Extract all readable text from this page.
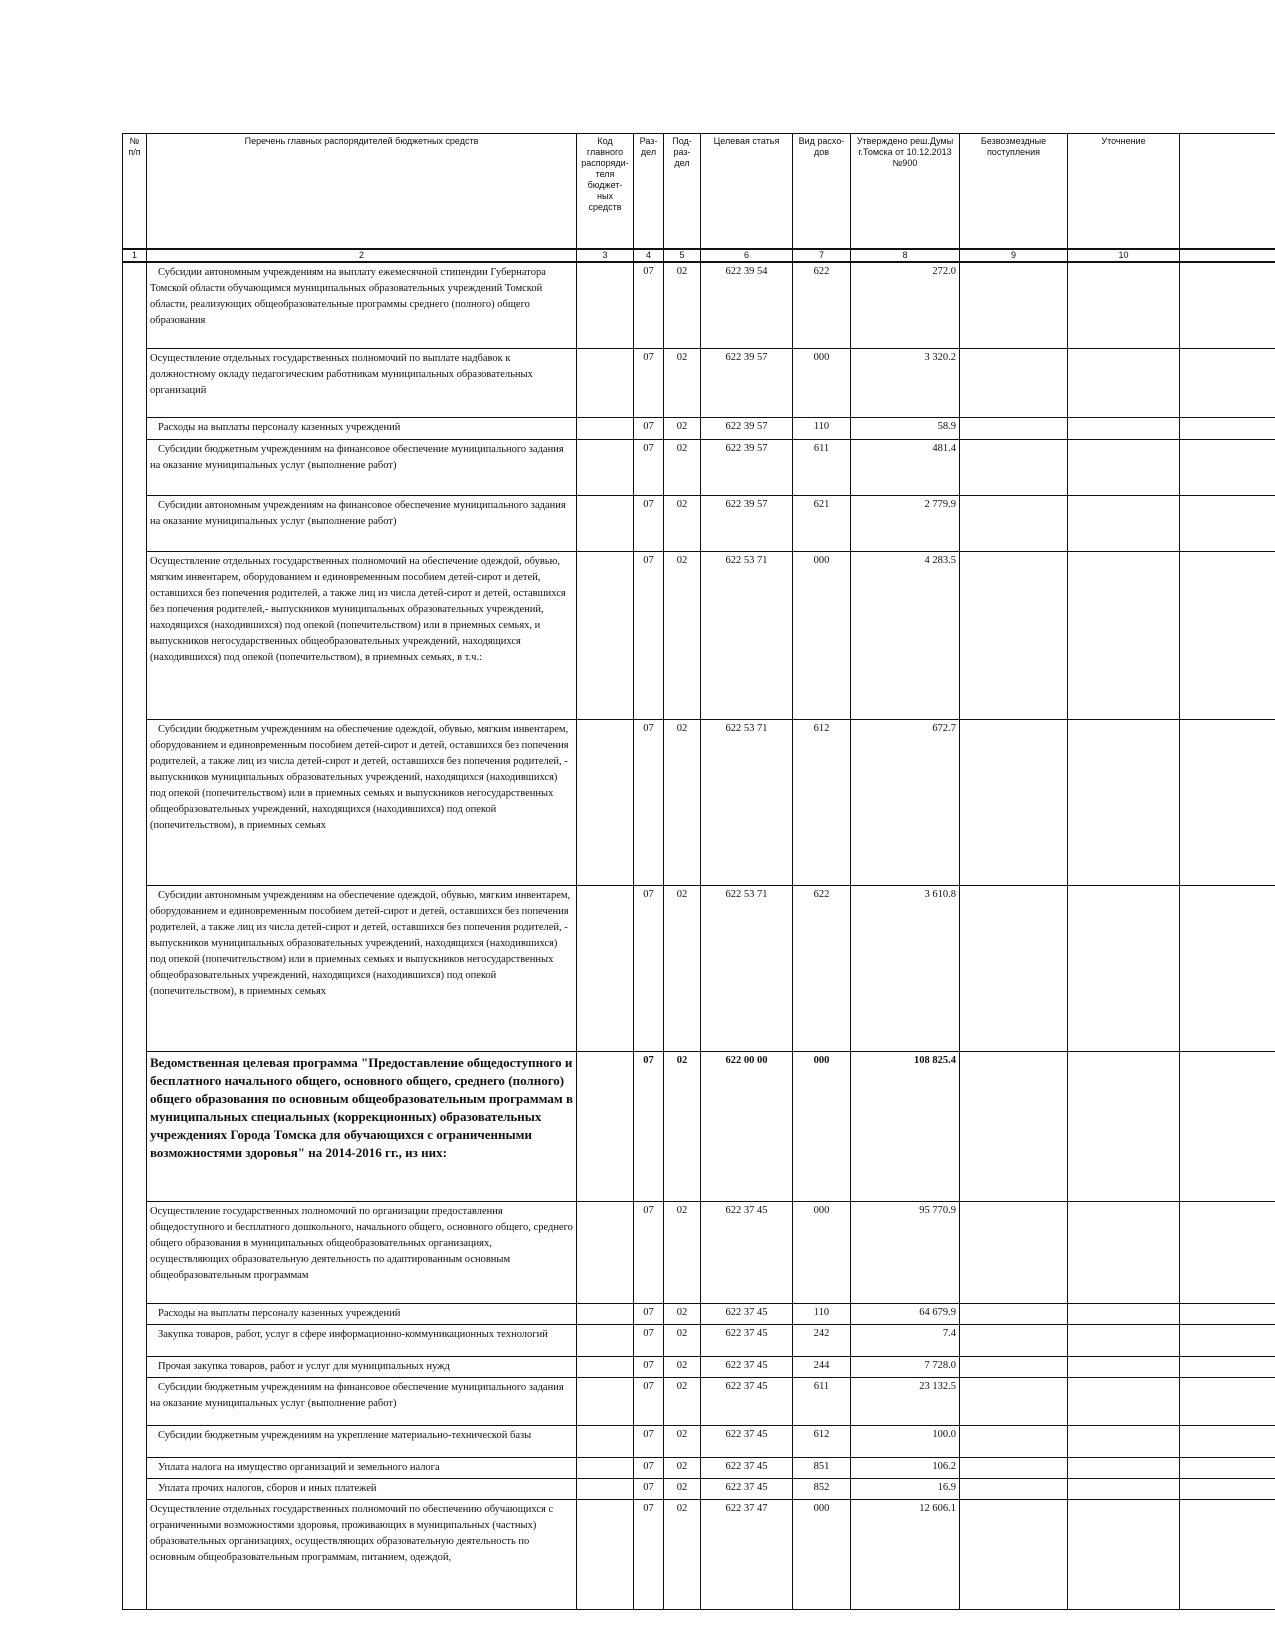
№ п/п	Перечень главных распорядителей бюджетных средств	Код главного распоряди-теля бюджет-ных средств	Раз-дел	Под-раз-дел	Целевая статья	Вид расхо-дов	Утверждено реш.Думы г.Томска от 10.12.2013 №900	Безвозмездные поступления	Уточнение	
1	2	3	4	5	6	7	8	9	10	
	Субсидии автономным учреждениям на выплату ежемесячной стипендии Губернатора Томской области обучающимся муниципальных образовательных учреждений Томской области, реализующих общеобразовательные программы среднего (полного) общего образования		07	02	622 39 54	622	272.0			
	Осуществление отдельных государственных полномочий по выплате надбавок к должностному окладу педагогическим работникам муниципальных образовательных организаций		07	02	622 39 57	000	3 320.2			
	Расходы на выплаты персоналу казенных учреждений		07	02	622 39 57	110	58.9			
	Субсидии бюджетным учреждениям на финансовое обеспечение муниципального задания на оказание муниципальных услуг (выполнение работ)		07	02	622 39 57	611	481.4			
	Субсидии автономным учреждениям на финансовое обеспечение муниципального задания на оказание муниципальных услуг (выполнение работ)		07	02	622 39 57	621	2 779.9			
	Осуществление отдельных государственных полномочий на обеспечение одеждой, обувью, мягким инвентарем, оборудованием и единовременным пособием детей-сирот и детей, оставшихся без попечения родителей, а также лиц из числа детей-сирот и детей, оставшихся без попечения родителей,- выпускников муниципальных образовательных учреждений, находящихся (находившихся) под опекой (попечительством) или в приемных семьях, и выпускников негосударственных общеобразовательных учреждений, находящихся (находившихся) под опекой (попечительством), в приемных семьях, в т.ч.:		07	02	622 53 71	000	4 283.5			
	Субсидии бюджетным учреждениям на обеспечение одеждой, обувью, мягким инвентарем, оборудованием и единовременным пособием детей-сирот и детей, оставшихся без попечения родителей, а также лиц из числа детей-сирот и детей, оставшихся без попечения родителей, - выпускников муниципальных образовательных учреждений, находящихся (находившихся) под опекой (попечительством) или в приемных семьях и выпускников негосударственных общеобразовательных учреждений, находящихся (находившихся) под опекой (попечительством), в приемных семьях		07	02	622 53 71	612	672.7			
	Субсидии автономным учреждениям на обеспечение одеждой, обувью, мягким инвентарем, оборудованием и единовременным пособием детей-сирот и детей, оставшихся без попечения родителей, а также лиц из числа детей-сирот и детей, оставшихся без попечения родителей, - выпускников муниципальных образовательных учреждений, находящихся (находившихся) под опекой (попечительством) или в приемных семьях и выпускников негосударственных общеобразовательных учреждений, находящихся (находившихся) под опекой (попечительством), в приемных семьях		07	02	622 53 71	622	3 610.8			
	Ведомственная целевая программа "Предоставление общедоступного и бесплатного начального общего, основного общего, среднего (полного) общего образования по основным общеобразовательным программам в муниципальных специальных (коррекционных) образовательных учреждениях Города Томска для обучающихся с ограниченными возможностями здоровья" на 2014-2016 гг., из них:		07	02	622 00 00	000	108 825.4			
	Осуществление государственных полномочий по организации предоставления общедоступного и бесплатного дошкольного, начального общего, основного общего, среднего общего образования в муниципальных общеобразовательных организациях, осуществляющих образовательную деятельность по адаптированным основным общеобразовательным программам		07	02	622 37 45	000	95 770.9			
	Расходы на выплаты персоналу казенных учреждений		07	02	622 37 45	110	64 679.9			
	Закупка товаров, работ, услуг в сфере информационно-коммуникационных технологий		07	02	622 37 45	242	7.4			
	Прочая закупка товаров, работ и услуг для муниципальных нужд		07	02	622 37 45	244	7 728.0			
	Субсидии бюджетным учреждениям на финансовое обеспечение муниципального задания на оказание муниципальных услуг (выполнение работ)		07	02	622 37 45	611	23 132.5			
	Субсидии бюджетным учреждениям на укрепление материально-технической базы		07	02	622 37 45	612	100.0			
	Уплата налога на имущество организаций и земельного налога		07	02	622 37 45	851	106.2			
	Уплата прочих налогов, сборов и иных платежей		07	02	622 37 45	852	16.9			
	Осуществление отдельных государственных полномочий по обеспечению обучающихся с ограниченными возможностями здоровья, проживающих в муниципальных (частных) образовательных организациях, осуществляющих образовательную деятельность по основным общеобразовательным программам, питанием, одеждой,		07	02	622 37 47	000	12 606.1			
